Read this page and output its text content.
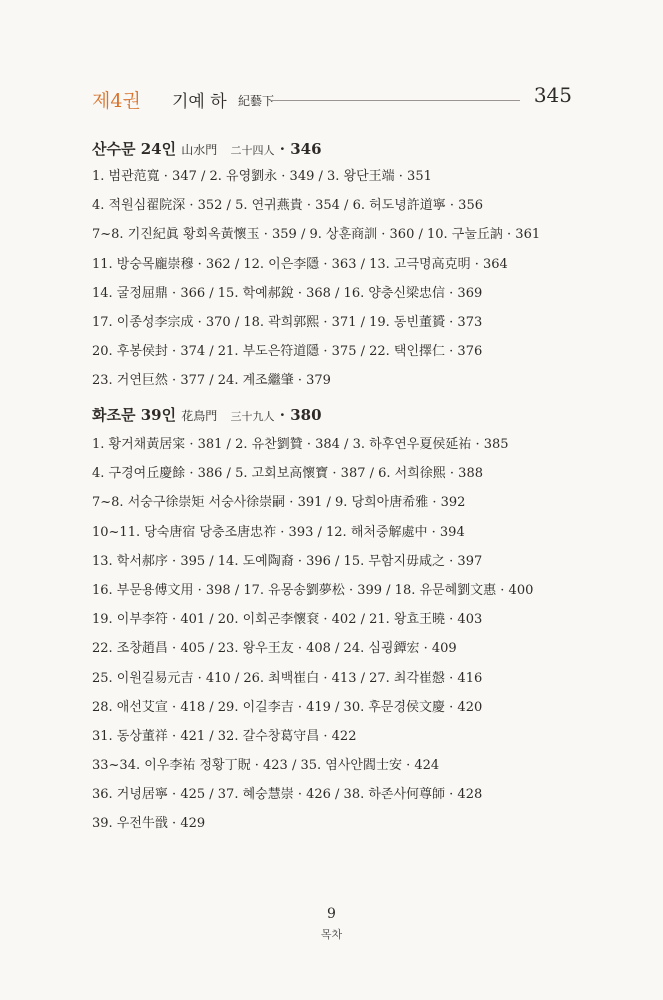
제4권 기예 하 紀藝下	345
산수문 24인 山水門 二十四人 · 346
1. 범관范寬 · 347 / 2. 유영劉永 · 349 / 3. 왕단王端 · 351
4. 적원심翟院深 · 352 / 5. 연귀燕貴 · 354 / 6. 허도녕許道寧 · 356
7~8. 기진紀眞 황회옥黃懷玉 · 359 / 9. 상훈商訓 · 360 / 10. 구눌丘訥 · 361
11. 방숭목龐崇穆 · 362 / 12. 이은李隱 · 363 / 13. 고극명高克明 · 364
14. 굴정屈鼎 · 366 / 15. 학예郝銳 · 368 / 16. 양충신梁忠信 · 369
17. 이종성李宗成 · 370 / 18. 곽희郭熙 · 371 / 19. 동빈董贇 · 373
20. 후봉侯封 · 374 / 21. 부도은符道隱 · 375 / 22. 택인擇仁 · 376
23. 거연巨然 · 377 / 24. 계조繼肇 · 379
화조문 39인 花鳥門 三十九人 · 380
1. 황거채黃居寀 · 381 / 2. 유찬劉贊 · 384 / 3. 하후연우夏侯延祐 · 385
4. 구경여丘慶餘 · 386 / 5. 고회보高懷寶 · 387 / 6. 서희徐熙 · 388
7~8. 서숭구徐崇矩 서숭사徐崇嗣 · 391 / 9. 당희아唐希雅 · 392
10~11. 당숙唐宿 당충조唐忠祚 · 393 / 12. 해처중解處中 · 394
13. 학서郝序 · 395 / 14. 도예陶裔 · 396 / 15. 무함지毋咸之 · 397
16. 부문용傅文用 · 398 / 17. 유몽송劉夢松 · 399 / 18. 유문혜劉文惠 · 400
19. 이부李符 · 401 / 20. 이회곤李懷袞 · 402 / 21. 왕효王曉 · 403
22. 조창趙昌 · 405 / 23. 왕우王友 · 408 / 24. 심굉鐔宏 · 409
25. 이원길易元吉 · 410 / 26. 최백崔白 · 413 / 27. 최각崔慤 · 416
28. 애선艾宣 · 418 / 29. 이길李吉 · 419 / 30. 후문경侯文慶 · 420
31. 동상董祥 · 421 / 32. 갈수창葛守昌 · 422
33~34. 이우李祐 정황丁貺 · 423 / 35. 염사안閻士安 · 424
36. 거녕居寧 · 425 / 37. 혜숭慧崇 · 426 / 38. 하존사何尊師 · 428
39. 우전牛戩 · 429
9
목차
